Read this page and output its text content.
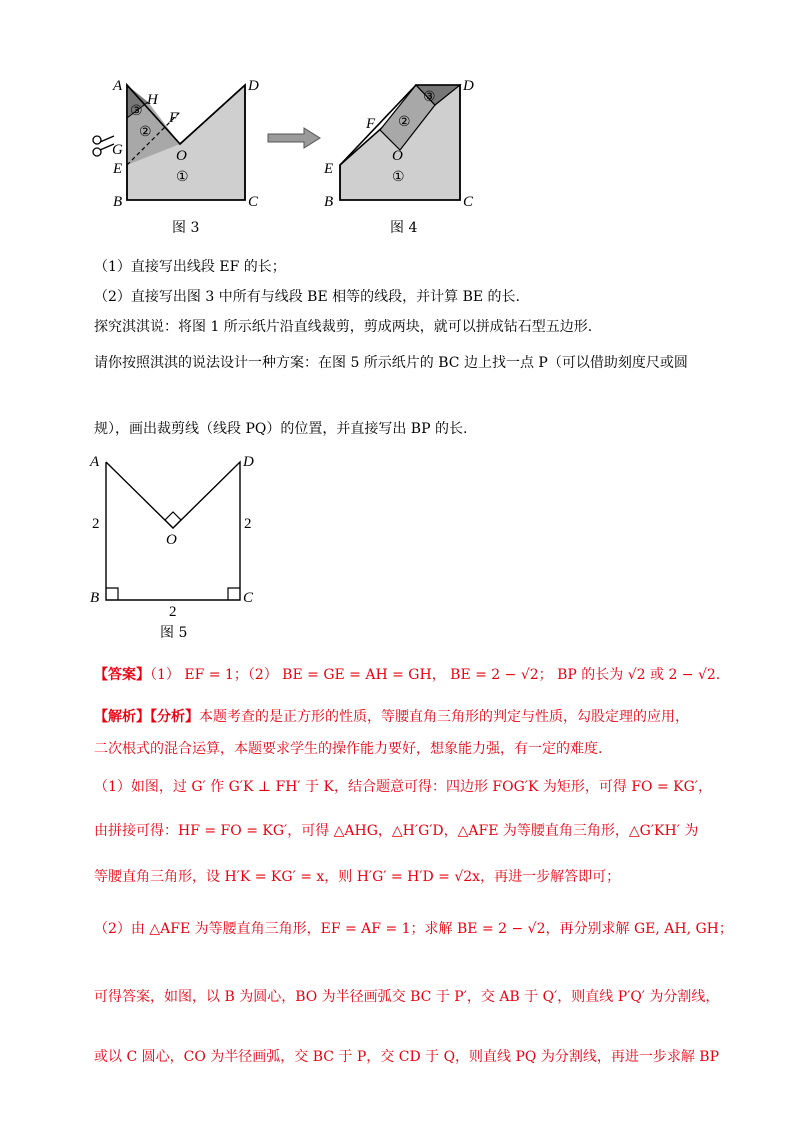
A
H
F
D
O
G
E
B	C
③
②
①
图 3
D
F
O
E
B	C
③
②
①
图 4
（1）直接写出线段 EF 的长；
（2）直接写出图 3 中所有与线段 BE 相等的线段，并计算 BE 的长.
探究淇淇说：将图 1 所示纸片沿直线裁剪，剪成两块，就可以拼成钻石型五边形.
请你按照淇淇的说法设计一种方案：在图 5 所示纸片的 BC 边上找一点 P（可以借助刻度尺或圆
规），画出裁剪线（线段 PQ）的位置，并直接写出 BP 的长.
A	D
O
B	C
2	2
2
图 5
【答案】（1） EF = 1；（2） BE = GE = AH = GH， BE = 2 − √2； BP 的长为 √2 或 2 − √2.
【解析】【分析】本题考查的是正方形的性质，等腰直角三角形的判定与性质，勾股定理的应用，
二次根式的混合运算，本题要求学生的操作能力要好，想象能力强，有一定的难度.
（1）如图，过 G′ 作 G′K ⊥ FH′ 于 K，结合题意可得：四边形 FOG′K 为矩形，可得 FO = KG′，
由拼接可得：HF = FO = KG′，可得 △AHG，△H′G′D，△AFE 为等腰直角三角形，△G′KH′ 为
等腰直角三角形，设 H′K = KG′ = x，则 H′G′ = H′D = √2x，再进一步解答即可；
（2）由 △AFE 为等腰直角三角形，EF = AF = 1；求解 BE = 2 − √2，再分别求解 GE, AH, GH；
可得答案，如图，以 B 为圆心，BO 为半径画弧交 BC 于 P′，交 AB 于 Q′，则直线 P′Q′ 为分割线，
或以 C 圆心，CO 为半径画弧，交 BC 于 P，交 CD 于 Q，则直线 PQ 为分割线，再进一步求解 BP
